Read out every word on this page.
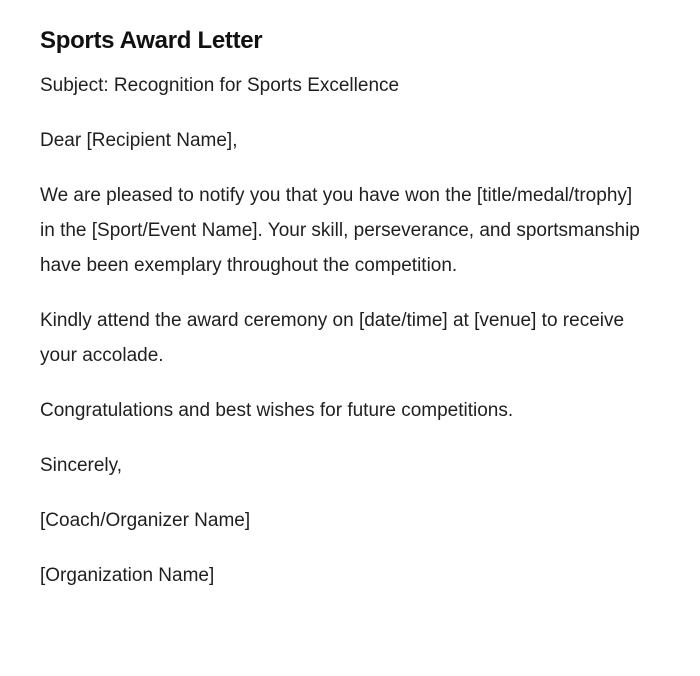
Sports Award Letter

Subject: Recognition for Sports Excellence

Dear [Recipient Name],

We are pleased to notify you that you have won the [title/medal/trophy] in the [Sport/Event Name]. Your skill, perseverance, and sportsmanship have been exemplary throughout the competition.

Kindly attend the award ceremony on [date/time] at [venue] to receive your accolade.

Congratulations and best wishes for future competitions.

Sincerely,

[Coach/Organizer Name]

[Organization Name]
